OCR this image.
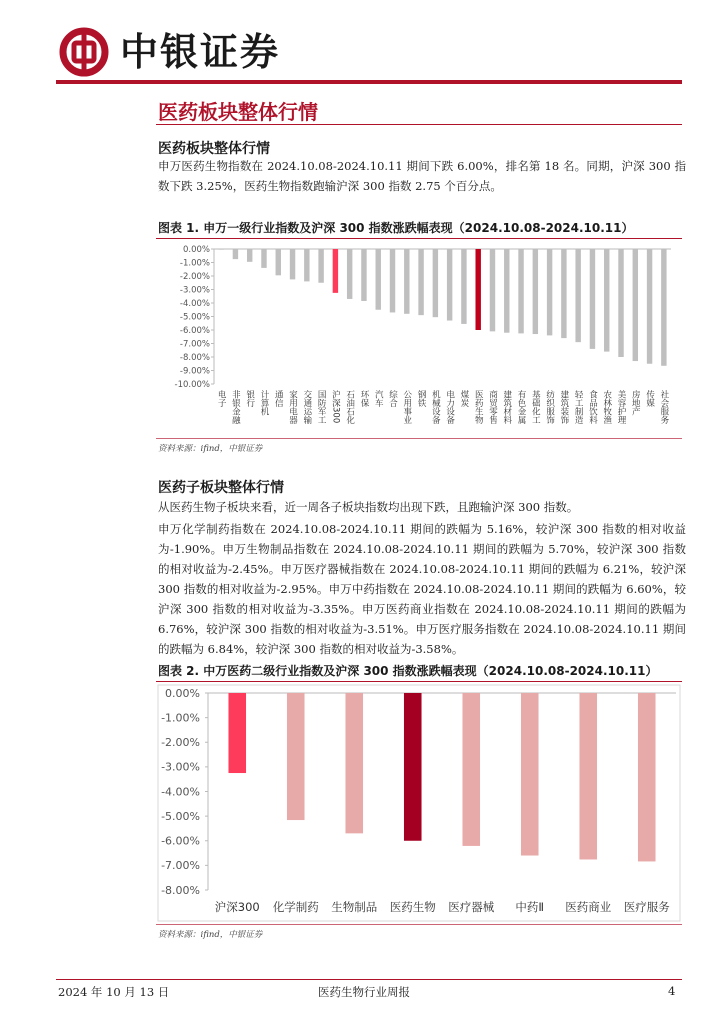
中银证券
医药板块整体行情
医药板块整体行情
申万医药生物指数在 2024.10.08-2024.10.11 期间下跌 6.00%，排名第 18 名。同期，沪深 300 指数下跌 3.25%，医药生物指数跑输沪深 300 指数 2.75 个百分点。
图表 1. 申万一级行业指数及沪深 300 指数涨跌幅表现（2024.10.08-2024.10.11）
0.00%
-1.00%
-2.00%
-3.00%
-4.00%
-5.00%
-6.00%
-7.00%
-8.00%
-9.00%
-10.00%
电子 非银金融 银行 计算机 通信 家用电器 交通运输 国防军工 沪深300 石油石化 环保 汽车 综合 公用事业 钢铁 机械设备 电力设备 煤炭 医药生物 商贸零售 建筑材料 有色金属 基础化工 纺织服饰 建筑装饰 轻工制造 食品饮料 农林牧渔 美容护理 房地产 传媒 社会服务
资料来源：ifind，中银证券
医药子板块整体行情
从医药生物子板块来看，近一周各子板块指数均出现下跌，且跑输沪深 300 指数。
申万化学制药指数在 2024.10.08-2024.10.11 期间的跌幅为 5.16%，较沪深 300 指数的相对收益为-1.90%。申万生物制品指数在 2024.10.08-2024.10.11 期间的跌幅为 5.70%，较沪深 300 指数的相对收益为-2.45%。申万医疗器械指数在 2024.10.08-2024.10.11 期间的跌幅为 6.21%，较沪深 300 指数的相对收益为-2.95%。申万中药指数在 2024.10.08-2024.10.11 期间的跌幅为 6.60%，较沪深 300 指数的相对收益为-3.35%。申万医药商业指数在 2024.10.08-2024.10.11 期间的跌幅为 6.76%，较沪深 300 指数的相对收益为-3.51%。申万医疗服务指数在 2024.10.08-2024.10.11 期间的跌幅为 6.84%，较沪深 300 指数的相对收益为-3.58%。
图表 2. 中万医药二级行业指数及沪深 300 指数涨跌幅表现（2024.10.08-2024.10.11）
0.00%
-1.00%
-2.00%
-3.00%
-4.00%
-5.00%
-6.00%
-7.00%
-8.00%
沪深300 化学制药 生物制品 医药生物 医疗器械 中药Ⅱ 医药商业 医疗服务
资料来源：ifind，中银证券
2024 年 10 月 13 日	医药生物行业周报	4
